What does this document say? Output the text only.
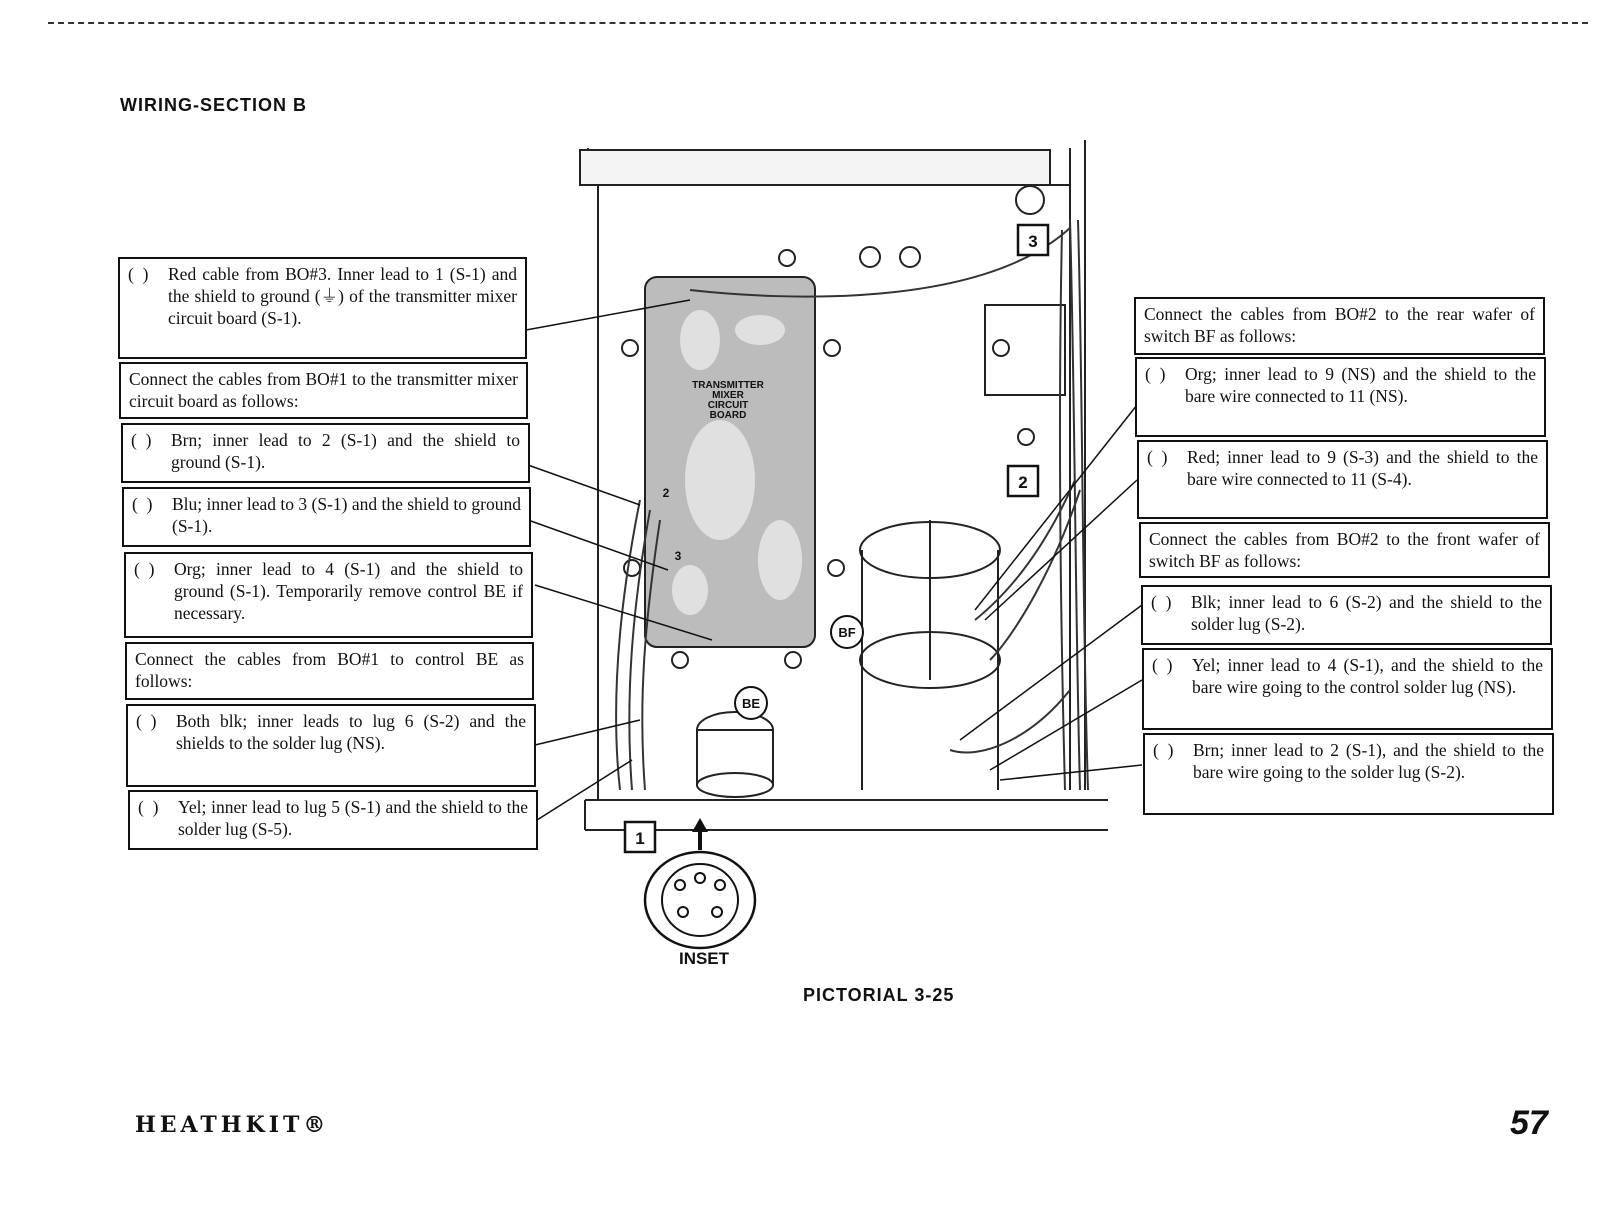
WIRING-SECTION B
TRANSMITTER
MIXER
CIRCUIT
BOARD
3
2
1
BF
BE
2
3
INSET
(  ) Red cable from BO#3. Inner lead to 1 (S-1) and the shield to ground (⏚) of the transmitter mixer circuit board (S-1).
Connect the cables from BO#1 to the transmitter mixer circuit board as follows:
(  ) Brn; inner lead to 2 (S-1) and the shield to ground (S-1).
(  ) Blu; inner lead to 3 (S-1) and the shield to ground (S-1).
(  ) Org; inner lead to 4 (S-1) and the shield to ground (S-1). Temporarily remove control BE if necessary.
Connect the cables from BO#1 to control BE as follows:
(  ) Both blk; inner leads to lug 6 (S-2) and the shields to the solder lug (NS).
(  ) Yel; inner lead to lug 5 (S-1) and the shield to the solder lug (S-5).
Connect the cables from BO#2 to the rear wafer of switch BF as follows:
(  ) Org; inner lead to 9 (NS) and the shield to the bare wire connected to 11 (NS).
(  ) Red; inner lead to 9 (S-3) and the shield to the bare wire connected to 11 (S-4).
Connect the cables from BO#2 to the front wafer of switch BF as follows:
(  ) Blk; inner lead to 6 (S-2) and the shield to the solder lug (S-2).
(  ) Yel; inner lead to 4 (S-1), and the shield to the bare wire going to the control solder lug (NS).
(  ) Brn; inner lead to 2 (S-1), and the shield to the bare wire going to the solder lug (S-2).
PICTORIAL 3-25
HEATHKIT®	57
